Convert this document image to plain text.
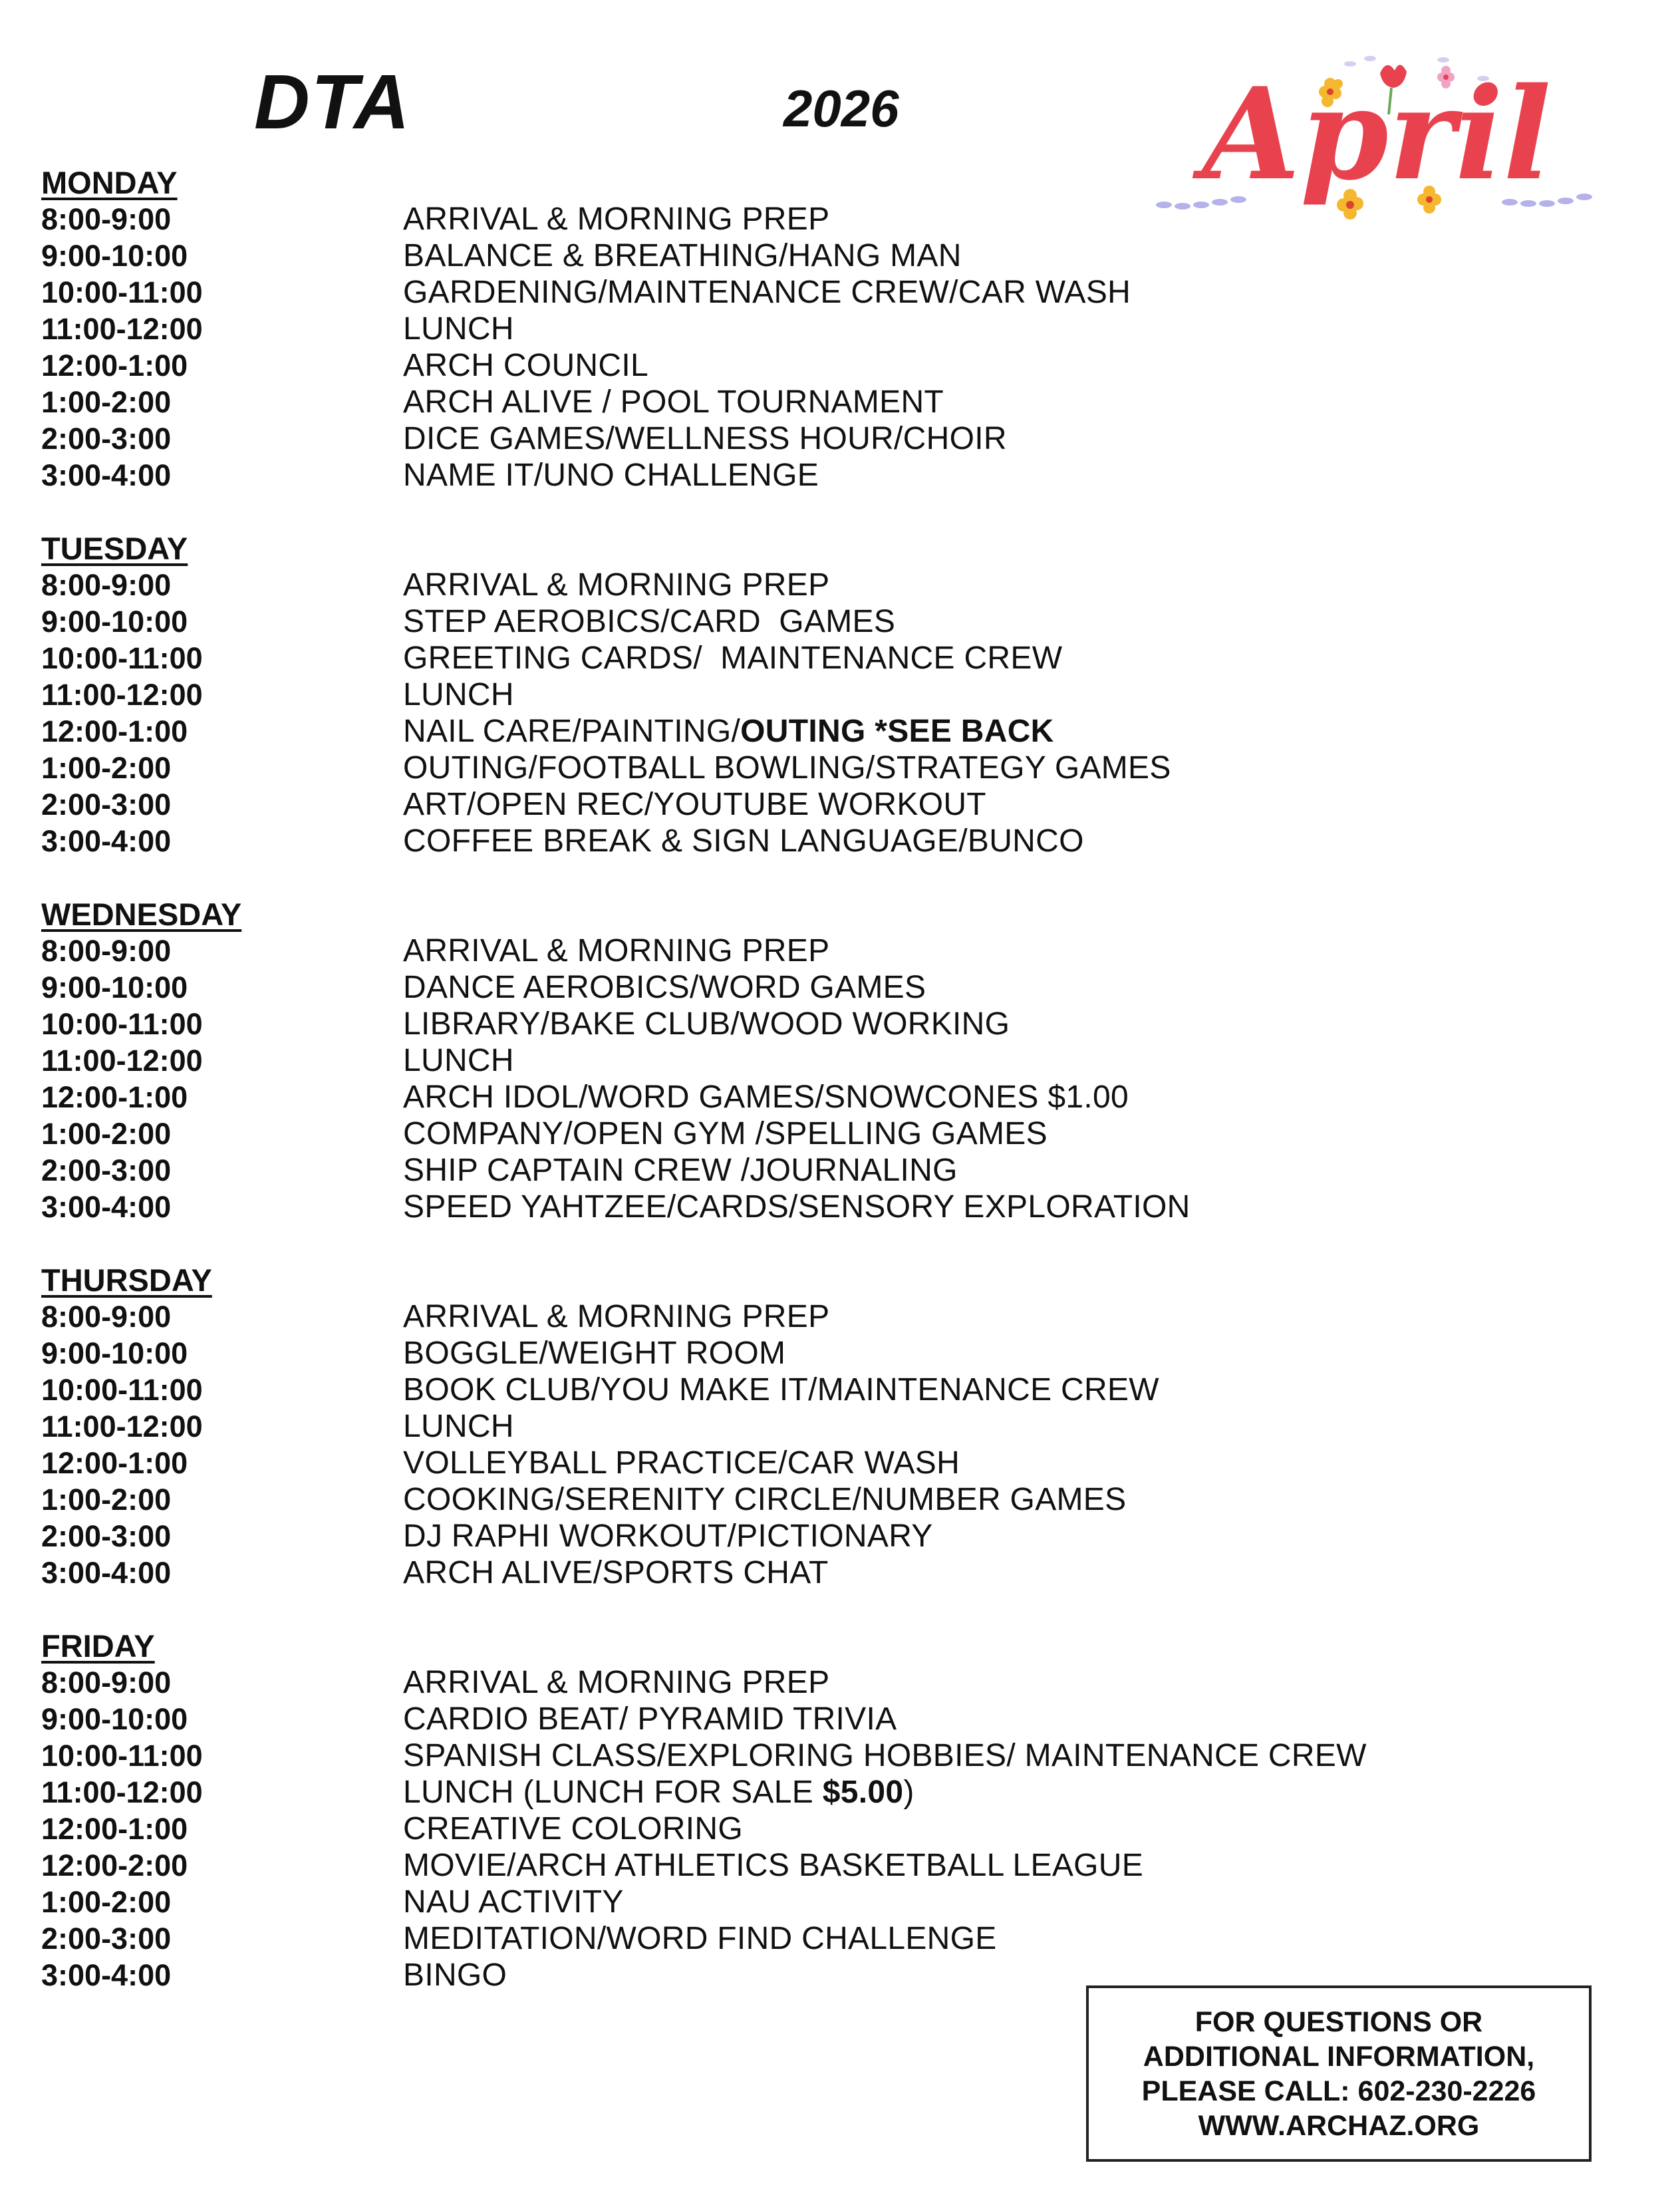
DTA	2026 April
MONDAY
8:00-9:00	ARRIVAL & MORNING PREP
9:00-10:00	BALANCE & BREATHING/HANG MAN
10:00-11:00	GARDENING/MAINTENANCE CREW/CAR WASH
11:00-12:00	LUNCH
12:00-1:00	ARCH COUNCIL
1:00-2:00	ARCH ALIVE / POOL TOURNAMENT
2:00-3:00	DICE GAMES/WELLNESS HOUR/CHOIR
3:00-4:00	NAME IT/UNO CHALLENGE
TUESDAY
8:00-9:00	ARRIVAL & MORNING PREP
9:00-10:00	STEP AEROBICS/CARD  GAMES
10:00-11:00	GREETING CARDS/  MAINTENANCE CREW
11:00-12:00	LUNCH
12:00-1:00	NAIL CARE/PAINTING/OUTING *SEE BACK
1:00-2:00	OUTING/FOOTBALL BOWLING/STRATEGY GAMES
2:00-3:00	ART/OPEN REC/YOUTUBE WORKOUT
3:00-4:00	COFFEE BREAK & SIGN LANGUAGE/BUNCO
WEDNESDAY
8:00-9:00	ARRIVAL & MORNING PREP
9:00-10:00	DANCE AEROBICS/WORD GAMES
10:00-11:00	LIBRARY/BAKE CLUB/WOOD WORKING
11:00-12:00	LUNCH
12:00-1:00	ARCH IDOL/WORD GAMES/SNOWCONES $1.00
1:00-2:00	COMPANY/OPEN GYM /SPELLING GAMES
2:00-3:00	SHIP CAPTAIN CREW /JOURNALING
3:00-4:00	SPEED YAHTZEE/CARDS/SENSORY EXPLORATION
THURSDAY
8:00-9:00	ARRIVAL & MORNING PREP
9:00-10:00	BOGGLE/WEIGHT ROOM
10:00-11:00	BOOK CLUB/YOU MAKE IT/MAINTENANCE CREW
11:00-12:00	LUNCH
12:00-1:00	VOLLEYBALL PRACTICE/CAR WASH
1:00-2:00	COOKING/SERENITY CIRCLE/NUMBER GAMES
2:00-3:00	DJ RAPHI WORKOUT/PICTIONARY
3:00-4:00	ARCH ALIVE/SPORTS CHAT
FRIDAY
8:00-9:00	ARRIVAL & MORNING PREP
9:00-10:00	CARDIO BEAT/ PYRAMID TRIVIA
10:00-11:00	SPANISH CLASS/EXPLORING HOBBIES/ MAINTENANCE CREW
11:00-12:00	LUNCH (LUNCH FOR SALE $5.00)
12:00-1:00	CREATIVE COLORING
12:00-2:00	MOVIE/ARCH ATHLETICS BASKETBALL LEAGUE
1:00-2:00	NAU ACTIVITY
2:00-3:00	MEDITATION/WORD FIND CHALLENGE
3:00-4:00	BINGO
FOR QUESTIONS OR
ADDITIONAL INFORMATION,
PLEASE CALL: 602-230-2226
WWW.ARCHAZ.ORG
